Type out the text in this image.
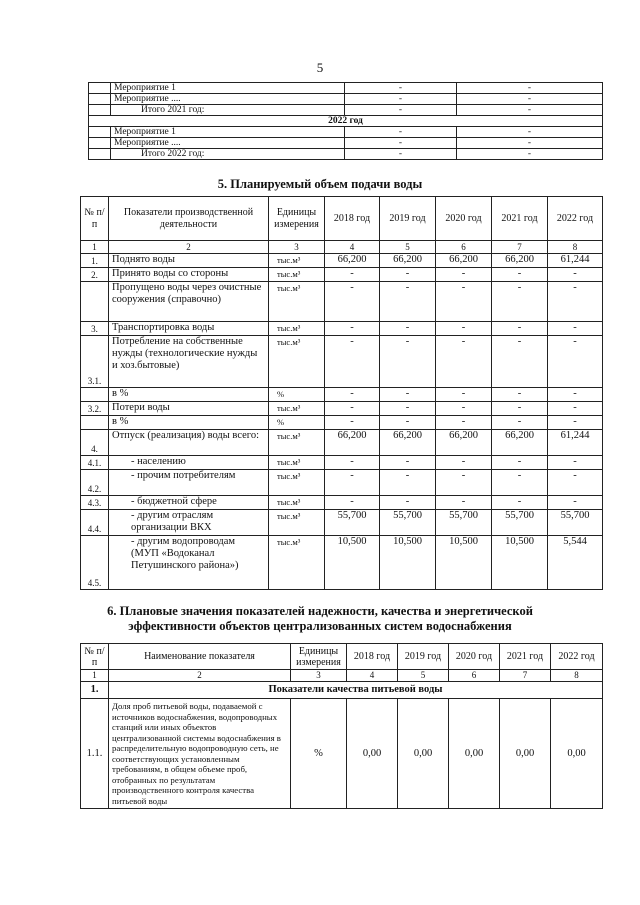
5
	Мероприятие 1	-	-
	Мероприятие ....	-	-
	Итого 2021 год:	-	-
2022 год			
	Мероприятие 1	-	-
	Мероприятие ....	-	-
	Итого 2022 год:	-	-
5. Планируемый объем подачи воды
№ п/п	Показатели производственной деятельности	Единицы измерения	2018 год	2019 год	2020 год	2021 год	2022 год
1	2	3	4	5	6	7	8
1.	Поднято воды	тыс.м³	66,200	66,200	66,200	66,200	61,244
2.	Принято воды со стороны	тыс.м³	-	-	-	-	-
	Пропущено воды через очистные сооружения (справочно)	тыс.м³	-	-	-	-	-
3.	Транспортировка воды	тыс.м³	-	-	-	-	-
3.1.	Потребление на собственные нужды (технологические нужды и хоз.бытовые)	тыс.м³	-	-	-	-	-
	в %	%	-	-	-	-	-
3.2.	Потери воды	тыс.м³	-	-	-	-	-
	в %	%	-	-	-	-	-
4.	Отпуск (реализация) воды всего:	тыс.м³	66,200	66,200	66,200	66,200	61,244
4.1.	- населению	тыс.м³	-	-	-	-	-
4.2.	- прочим потребителям	тыс.м³	-	-	-	-	-
4.3.	- бюджетной сфере	тыс.м³	-	-	-	-	-
4.4.	- другим отраслям организации ВКХ	тыс.м³	55,700	55,700	55,700	55,700	55,700
4.5.	- другим водопроводам (МУП «Водоканал Петушинского района»)	тыс.м³	10,500	10,500	10,500	10,500	5,544
6. Плановые значения показателей надежности, качества и энергетической
эффективности объектов централизованных систем водоснабжения
№ п/п	Наименование показателя	Единицы измерения	2018 год	2019 год	2020 год	2021 год	2022 год
1	2	3	4	5	6	7	8
1.	Показатели качества питьевой воды						
1.1.	Доля проб питьевой воды, подаваемой с источников водоснабжения, водопроводных станций или иных объектов централизованной системы водоснабжения в распределительную водопроводную сеть, не соответствующих установленным требованиям, в общем объеме проб, отобранных по результатам производственного контроля качества питьевой воды	%	0,00	0,00	0,00	0,00	0,00
